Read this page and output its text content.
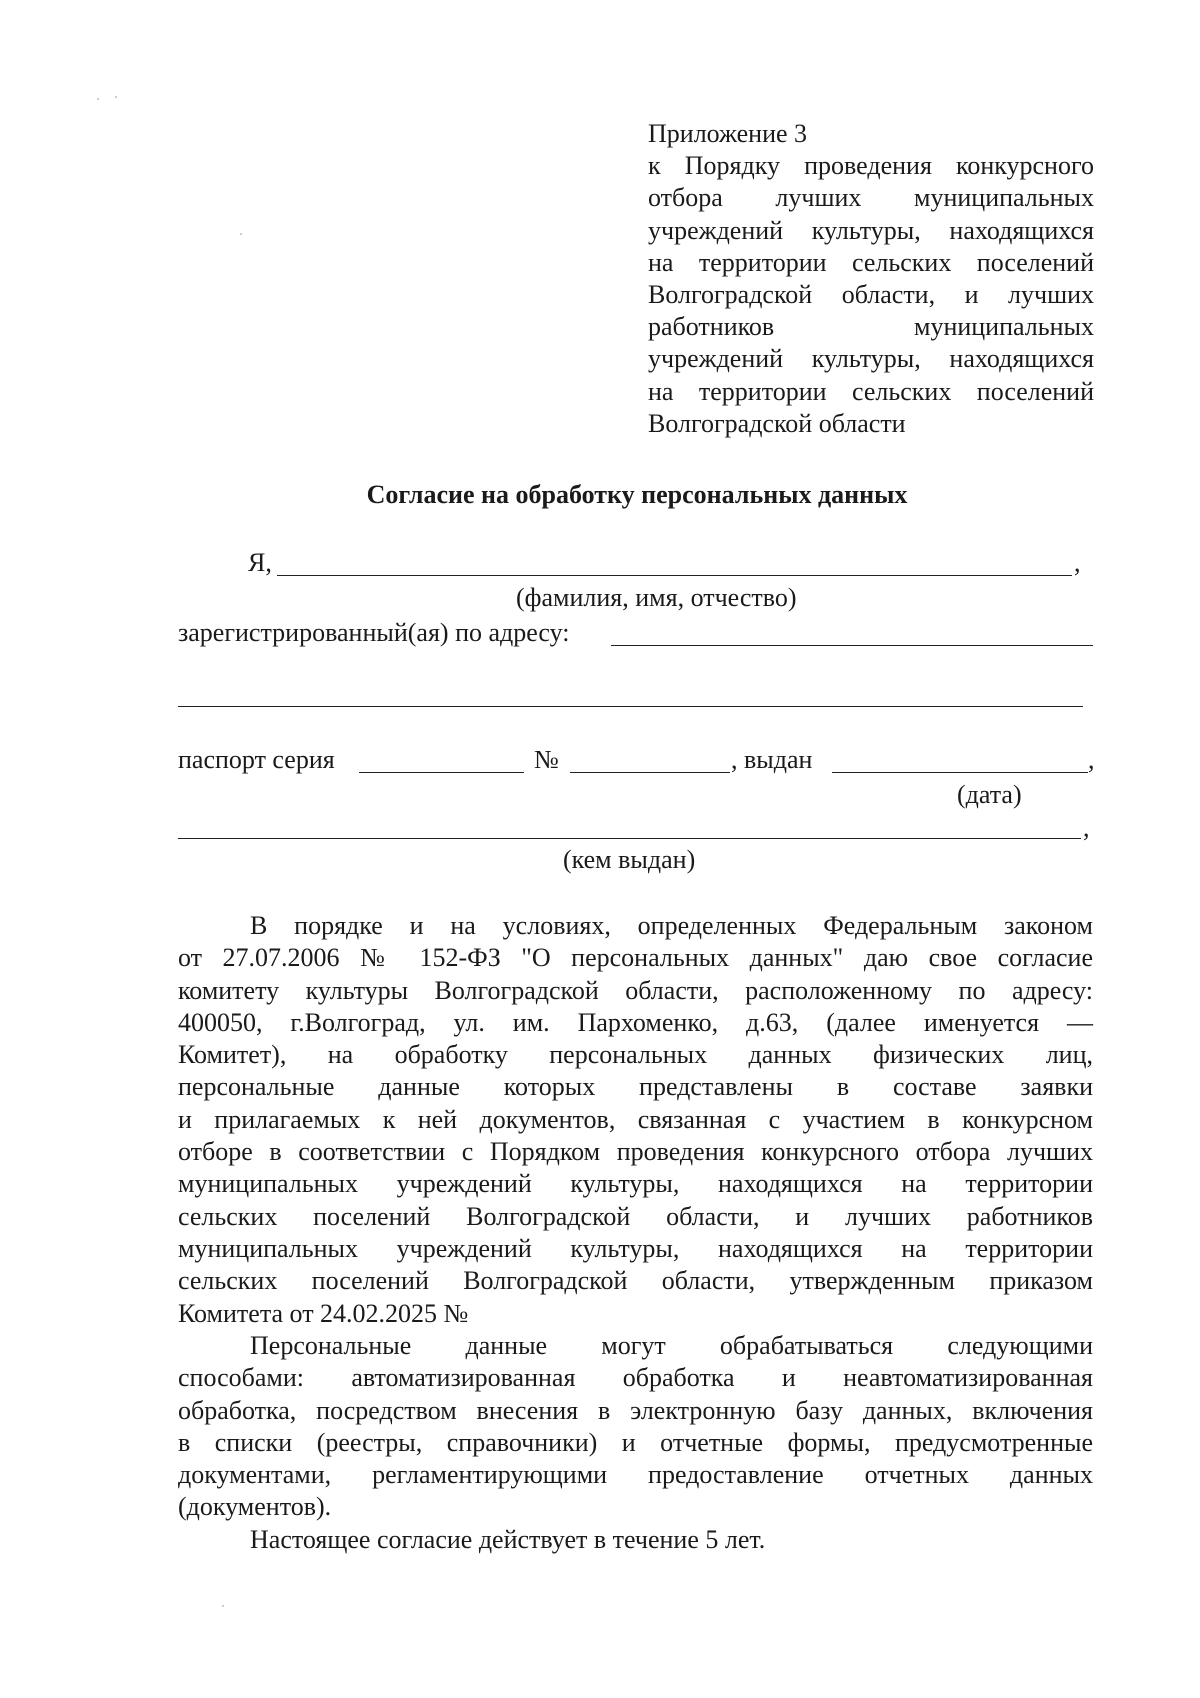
Приложение 3
к Порядку проведения конкурсного
отбора лучших муниципальных
учреждений культуры, находящихся
на территории сельских поселений
Волгоградской области, и лучших
работников муниципальных
учреждений культуры, находящихся
на территории сельских поселений
Волгоградской области
Согласие на обработку персональных данных
Я,	,
(фамилия, имя, отчество)
зарегистрированный(ая) по адресу:
паспорт серия	№	, выдан	,
(дата)
,
(кем выдан)
В порядке и на условиях, определенных Федеральным законом
от 27.07.2006 № 152-ФЗ "О персональных данных" даю свое согласие
комитету культуры Волгоградской области, расположенному по адресу:
400050, г.Волгоград, ул. им. Пархоменко, д.63, (далее именуется —
Комитет), на обработку персональных данных физических лиц,
персональные данные которых представлены в составе заявки
и прилагаемых к ней документов, связанная с участием в конкурсном
отборе в соответствии с Порядком проведения конкурсного отбора лучших
муниципальных учреждений культуры, находящихся на территории
сельских поселений Волгоградской области, и лучших работников
муниципальных учреждений культуры, находящихся на территории
сельских поселений Волгоградской области, утвержденным приказом
Комитета от 24.02.2025 №
Персональные данные могут обрабатываться следующими
способами: автоматизированная обработка и неавтоматизированная
обработка, посредством внесения в электронную базу данных, включения
в списки (реестры, справочники) и отчетные формы, предусмотренные
документами, регламентирующими предоставление отчетных данных
(документов).
Настоящее согласие действует в течение 5 лет.
